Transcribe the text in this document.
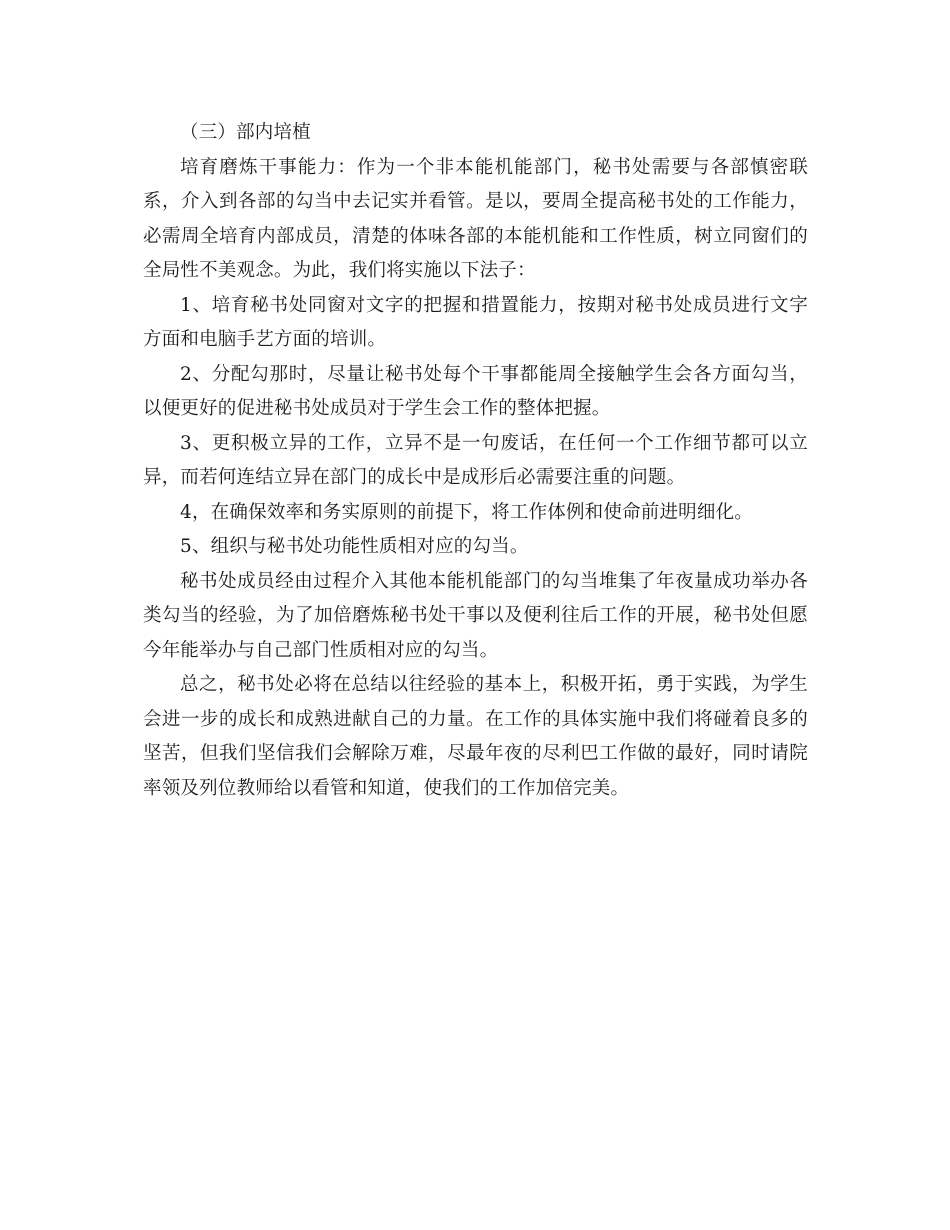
（三）部内培植

培育磨炼干事能力：作为一个非本能机能部门，秘书处需要与各部慎密联系，介入到各部的勾当中去记实并看管。是以，要周全提高秘书处的工作能力，必需周全培育内部成员，清楚的体味各部的本能机能和工作性质，树立同窗们的全局性不美观念。为此，我们将实施以下法子：

1、培育秘书处同窗对文字的把握和措置能力，按期对秘书处成员进行文字方面和电脑手艺方面的培训。

2、分配勾那时，尽量让秘书处每个干事都能周全接触学生会各方面勾当，以便更好的促进秘书处成员对于学生会工作的整体把握。

3、更积极立异的工作，立异不是一句废话，在任何一个工作细节都可以立异，而若何连结立异在部门的成长中是成形后必需要注重的问题。

4，在确保效率和务实原则的前提下，将工作体例和使命前进明细化。

5、组织与秘书处功能性质相对应的勾当。

秘书处成员经由过程介入其他本能机能部门的勾当堆集了年夜量成功举办各类勾当的经验，为了加倍磨炼秘书处干事以及便利往后工作的开展，秘书处但愿今年能举办与自己部门性质相对应的勾当。

总之，秘书处必将在总结以往经验的基本上，积极开拓，勇于实践，为学生会进一步的成长和成熟进献自己的力量。在工作的具体实施中我们将碰着良多的坚苦，但我们坚信我们会解除万难，尽最年夜的尽利巴工作做的最好，同时请院率领及列位教师给以看管和知道，使我们的工作加倍完美。
